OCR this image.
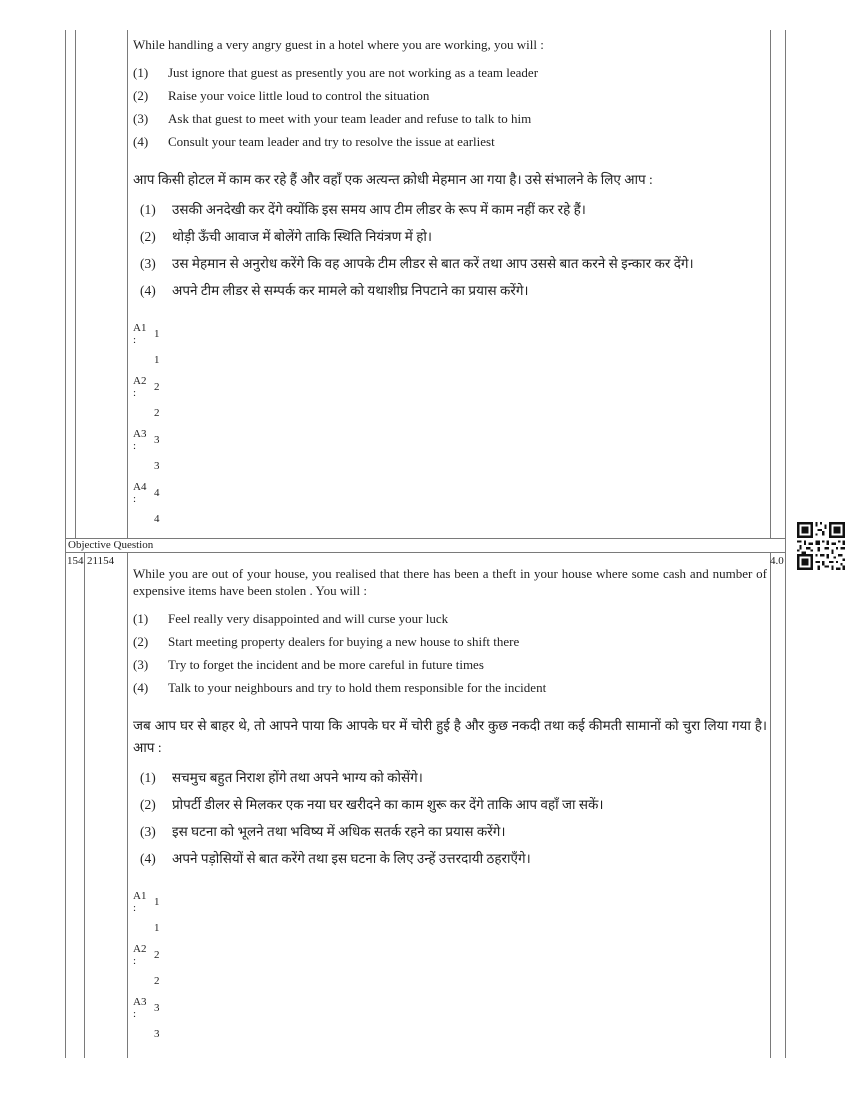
Objective Question
154 21154	4.0

While handling a very angry guest in a hotel where you are working, you will :

(1)	Just ignore that guest as presently you are not working as a team leader
(2)	Raise your voice little loud to control the situation
(3)	Ask that guest to meet with your team leader and refuse to talk to him
(4)	Consult your team leader and try to resolve the issue at earliest

आप किसी होटल में काम कर रहे हैं और वहाँ एक अत्यन्त क्रोधी मेहमान आ गया है। उसे संभालने के लिए आप :

(1)	उसकी अनदेखी कर देंगे क्योंकि इस समय आप टीम लीडर के रूप में काम नहीं कर रहे हैं।
(2)	थोड़ी ऊँची आवाज में बोलेंगे ताकि स्थिति नियंत्रण में हो।
(3)	उस मेहमान से अनुरोध करेंगे कि वह आपके टीम लीडर से बात करें तथा आप उससे बात करने से इन्कार कर देंगे।
(4)	अपने टीम लीडर से सम्पर्क कर मामले को यथाशीघ्र निपटाने का प्रयास करेंगे।
A1
:	1
1
A2
:	2
2
A3
:	3
3
A4
:	4
4

While you are out of your house, you realised that there has been a theft in your house where some cash and number of expensive items have been stolen . You will :

(1)	Feel really very disappointed and will curse your luck
(2)	Start meeting property dealers for buying a new house to shift there
(3)	Try to forget the incident and be more careful in future times
(4)	Talk to your neighbours and try to hold them responsible for the incident

जब आप घर से बाहर थे, तो आपने पाया कि आपके घर में चोरी हुई है और कुछ नकदी तथा कई कीमती सामानों को चुरा लिया गया है। आप :

(1)	सचमुच बहुत निराश होंगे तथा अपने भाग्य को कोसेंगे।
(2)	प्रोपर्टी डीलर से मिलकर एक नया घर खरीदने का काम शुरू कर देंगे ताकि आप वहाँ जा सकें।
(3)	इस घटना को भूलने तथा भविष्य में अधिक सतर्क रहने का प्रयास करेंगे।
(4)	अपने पड़ोसियों से बात करेंगे तथा इस घटना के लिए उन्हें उत्तरदायी ठहराएँगे।
A1
:	1
1
A2
:	2
2
A3
:	3
3
